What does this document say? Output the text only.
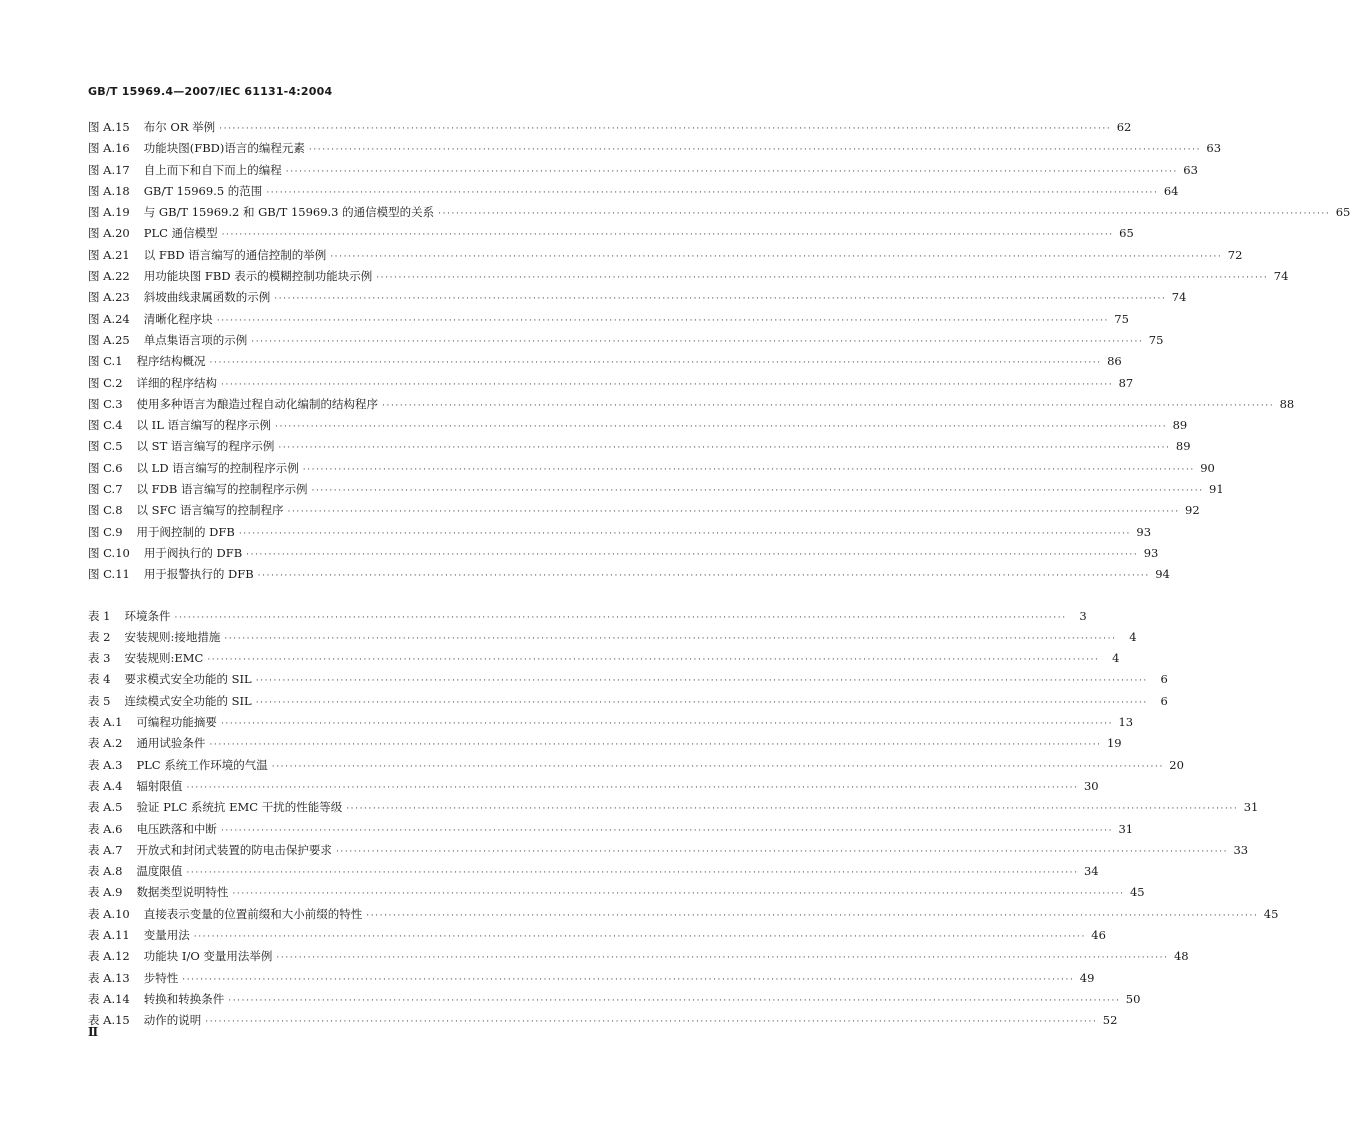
GB/T 15969.4—2007/IEC 61131-4:2004
图 A.15 布尔 OR 举例 ········································································································································································································ 62
图 A.16 功能块图(FBD)语言的编程元素 ········································································································································································································ 63
图 A.17 自上而下和自下而上的编程 ········································································································································································································ 63
图 A.18 GB/T 15969.5 的范围 ········································································································································································································ 64
图 A.19 与 GB/T 15969.2 和 GB/T 15969.3 的通信模型的关系 ········································································································································································································ 65
图 A.20 PLC 通信模型 ········································································································································································································ 65
图 A.21 以 FBD 语言编写的通信控制的举例 ········································································································································································································ 72
图 A.22 用功能块图 FBD 表示的模糊控制功能块示例 ········································································································································································································ 74
图 A.23 斜坡曲线隶属函数的示例 ········································································································································································································ 74
图 A.24 清晰化程序块 ········································································································································································································ 75
图 A.25 单点集语言项的示例 ········································································································································································································ 75
图 C.1 程序结构概况 ········································································································································································································ 86
图 C.2 详细的程序结构 ········································································································································································································ 87
图 C.3 使用多种语言为酿造过程自动化编制的结构程序 ········································································································································································································ 88
图 C.4 以 IL 语言编写的程序示例 ········································································································································································································ 89
图 C.5 以 ST 语言编写的程序示例 ········································································································································································································ 89
图 C.6 以 LD 语言编写的控制程序示例 ········································································································································································································ 90
图 C.7 以 FDB 语言编写的控制程序示例 ········································································································································································································ 91
图 C.8 以 SFC 语言编写的控制程序 ········································································································································································································ 92
图 C.9 用于阀控制的 DFB ········································································································································································································ 93
图 C.10 用于阀执行的 DFB ········································································································································································································ 93
图 C.11 用于报警执行的 DFB ········································································································································································································ 94
表 1 环境条件 ········································································································································································································	3
表 2 安装规则:接地措施 ········································································································································································································	4
表 3 安装规则:EMC ········································································································································································································	4
表 4 要求模式安全功能的 SIL ········································································································································································································	6
表 5 连续模式安全功能的 SIL ········································································································································································································	6
表 A.1 可编程功能摘要 ········································································································································································································ 13
表 A.2 通用试验条件 ········································································································································································································ 19
表 A.3 PLC 系统工作环境的气温 ········································································································································································································ 20
表 A.4 辐射限值 ········································································································································································································ 30
表 A.5 验证 PLC 系统抗 EMC 干扰的性能等级 ········································································································································································································ 31
表 A.6 电压跌落和中断 ········································································································································································································ 31
表 A.7 开放式和封闭式装置的防电击保护要求 ········································································································································································································ 33
表 A.8 温度限值 ········································································································································································································ 34
表 A.9 数据类型说明特性 ········································································································································································································ 45
表 A.10 直接表示变量的位置前缀和大小前缀的特性 ········································································································································································································ 45
表 A.11 变量用法 ········································································································································································································ 46
表 A.12 功能块 I/O 变量用法举例 ········································································································································································································ 48
表 A.13 步特性 ········································································································································································································ 49
表 A.14 转换和转换条件 ········································································································································································································ 50
表 A.15 动作的说明 ········································································································································································································ 52
Ⅱ
